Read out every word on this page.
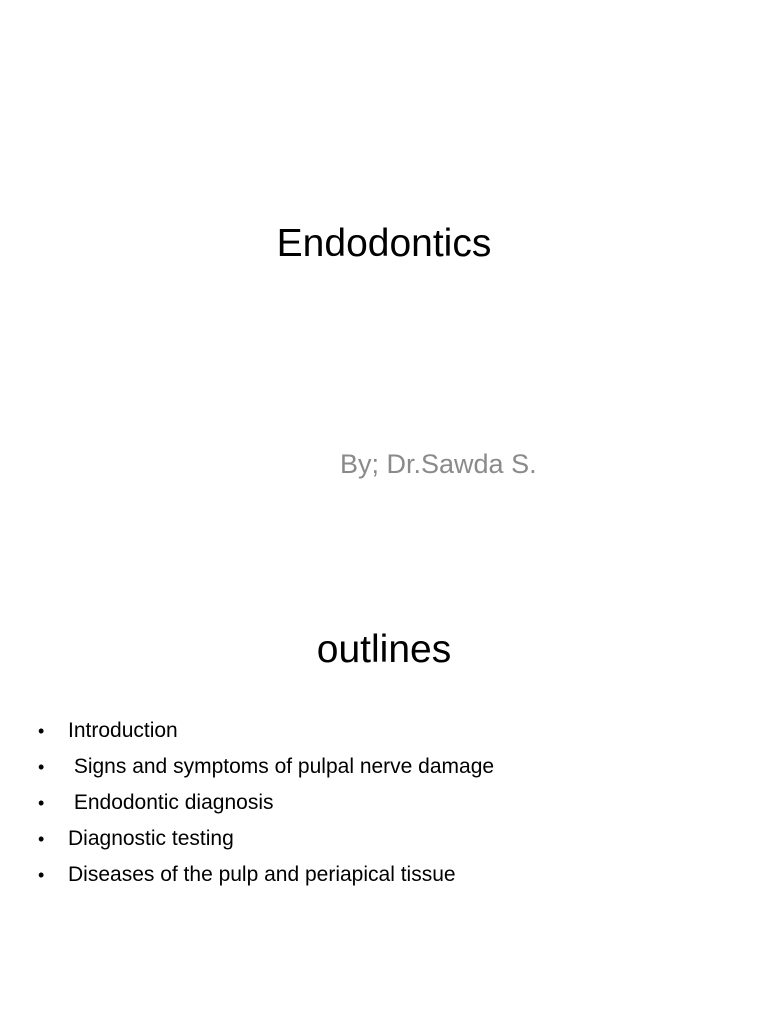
Endodontics

By; Dr.Sawda S.

outlines
•	Introduction
•	Signs and symptoms of pulpal nerve damage
•	Endodontic diagnosis
•	Diagnostic testing
•	Diseases of the pulp and periapical tissue
